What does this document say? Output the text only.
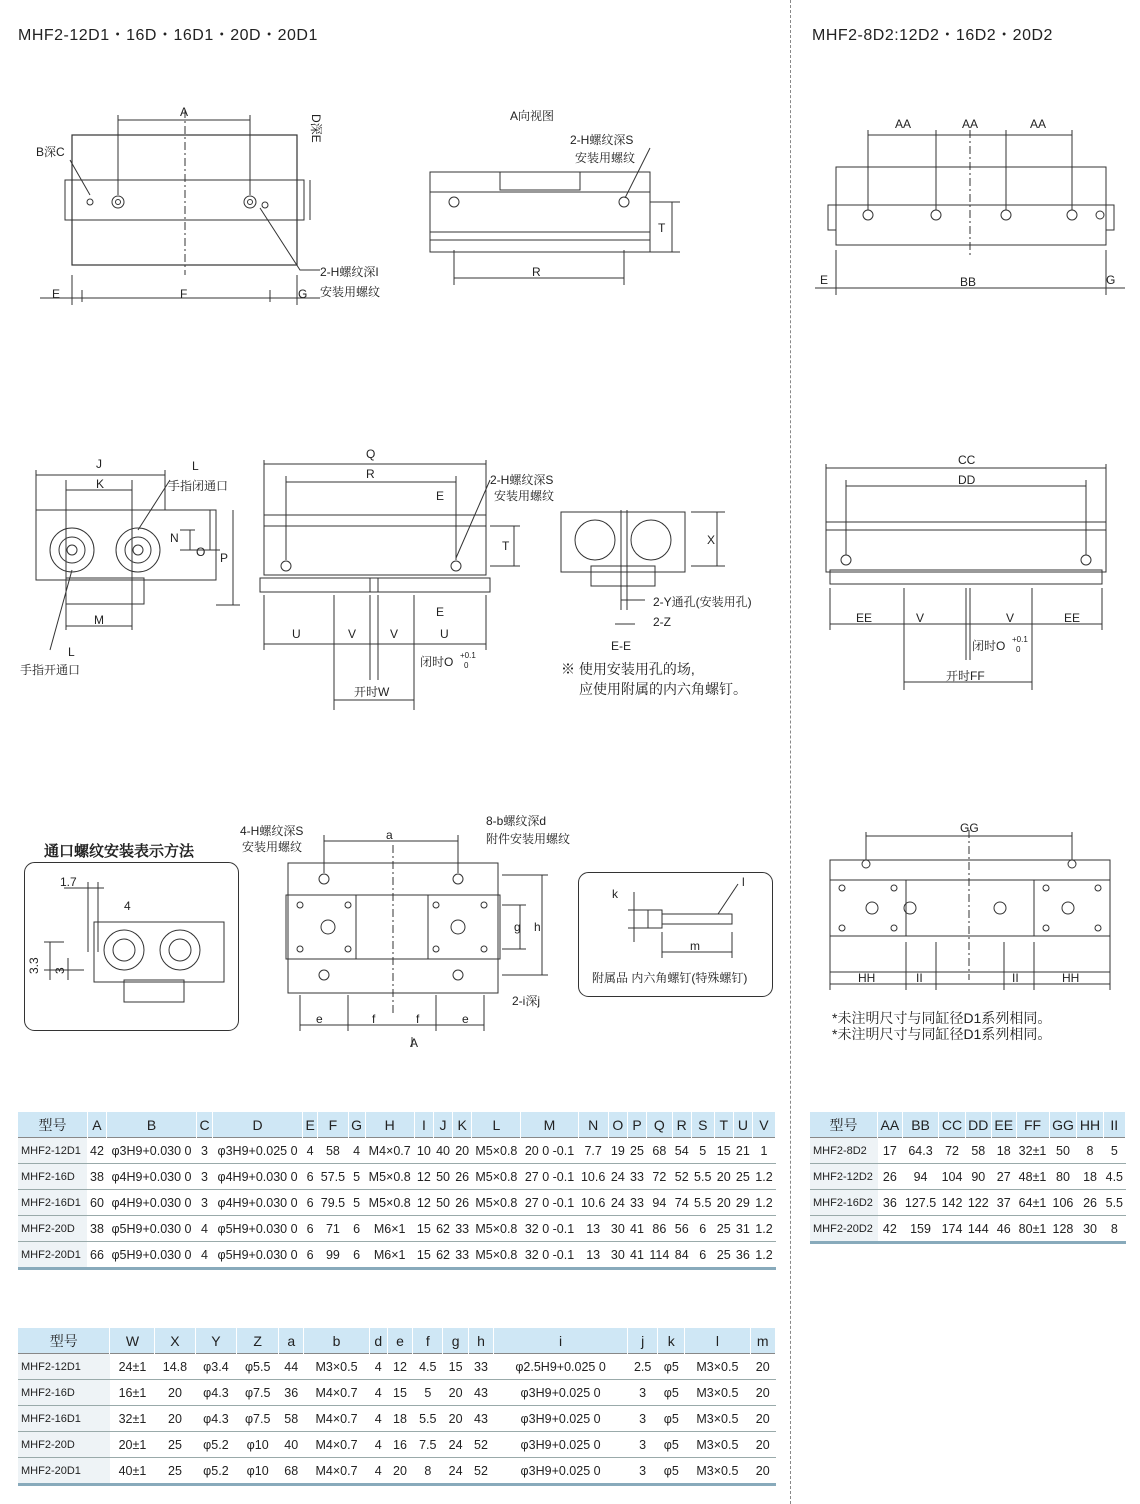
MHF2-12D1・16D・16D1・20D・20D1	MHF2-8D2:12D2・16D2・20D2
A
D深E
B深C
2-H螺纹深I
安装用螺纹
E	F	G
A向视图
2-H螺纹深S
安装用螺纹
T
R
AA	AA	AA
E	BB	G
J
K
L
手指闭通口
N
O P
M
L
手指开通口
Q
R	2-H螺纹深S
安装用螺纹
E
E
T
U	V	V	U
闭时O +0.1
0
开时W
X
2-Y通孔(安装用孔)
2-Z
E-E
※ 使用安装用孔的场,
应使用附属的内六角螺钉。
CC
DD
EE	V	V	EE
闭时O +0.1
0
开时FF
通口螺纹安装表示方法
1.7
4
3.3 3
4-H螺纹深S
安装用螺纹
a
8-b螺纹深d
附件安装用螺纹
g h
2-i深j
e	f	f	e
A
k
l
m
附属品 内六角螺钉(特殊螺钉)
GG
HH	II	II	HH
*未注明尺寸与同缸径D1系列相同。
*未注明尺寸与同缸径D1系列相同。
型号	A	B	C	D	E	F	G	H	I	J	K	L	M	N	O	P	Q	R	S	T	U	V
MHF2-12D1	42	φ3H9+0.030 0	3	φ3H9+0.025 0	4	58	4	M4×0.7	10	40	20	M5×0.8	20 0 -0.1	7.7	19	25	68	54	5	15	21	1
MHF2-16D	38	φ4H9+0.030 0	3	φ4H9+0.030 0	6	57.5	5	M5×0.8	12	50	26	M5×0.8	27 0 -0.1	10.6	24	33	72	52	5.5	20	25	1.2
MHF2-16D1	60	φ4H9+0.030 0	3	φ4H9+0.030 0	6	79.5	5	M5×0.8	12	50	26	M5×0.8	27 0 -0.1	10.6	24	33	94	74	5.5	20	29	1.2
MHF2-20D	38	φ5H9+0.030 0	4	φ5H9+0.030 0	6	71	6	M6×1	15	62	33	M5×0.8	32 0 -0.1	13	30	41	86	56	6	25	31	1.2
MHF2-20D1	66	φ5H9+0.030 0	4	φ5H9+0.030 0	6	99	6	M6×1	15	62	33	M5×0.8	32 0 -0.1	13	30	41	114	84	6	25	36	1.2
型号	AA	BB	CC	DD	EE	FF	GG	HH	II
MHF2-8D2	17	64.3	72	58	18	32±1	50	8	5
MHF2-12D2	26	94	104	90	27	48±1	80	18	4.5
MHF2-16D2	36	127.5	142	122	37	64±1	106	26	5.5
MHF2-20D2	42	159	174	144	46	80±1	128	30	8
型号	W	X	Y	Z	a	b	d	e	f	g	h	i	j	k	l	m
MHF2-12D1	24±1	14.8	φ3.4	φ5.5	44	M3×0.5	4	12	4.5	15	33	φ2.5H9+0.025 0	2.5	φ5	M3×0.5	20
MHF2-16D	16±1	20	φ4.3	φ7.5	36	M4×0.7	4	15	5	20	43	φ3H9+0.025 0	3	φ5	M3×0.5	20
MHF2-16D1	32±1	20	φ4.3	φ7.5	58	M4×0.7	4	18	5.5	20	43	φ3H9+0.025 0	3	φ5	M3×0.5	20
MHF2-20D	20±1	25	φ5.2	φ10	40	M4×0.7	4	16	7.5	24	52	φ3H9+0.025 0	3	φ5	M3×0.5	20
MHF2-20D1	40±1	25	φ5.2	φ10	68	M4×0.7	4	20	8	24	52	φ3H9+0.025 0	3	φ5	M3×0.5	20
